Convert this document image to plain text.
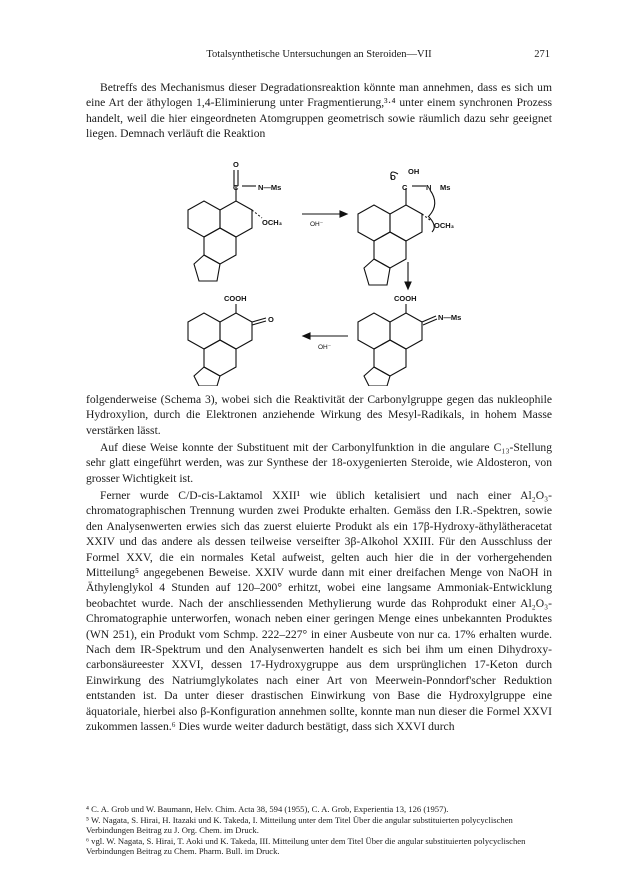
Totalsynthetische Untersuchungen an Steroiden—VII	271

Betreffs des Mechanismus dieser Degradationsreaktion könnte man annehmen, dass es sich um eine Art der äthylogen 1,4-Eliminierung unter Fragmentierung,³·⁴ unter einem synchronen Prozess handelt, weil die hier eingeordneten Atomgruppen geometrisch sowie räumlich dazu sehr geeignet liegen. Demnach verläuft die Reaktion

O
C	N—Ms
OCH₃	OH⁻
O
OH
C N Ms
OCH₃
COOH
O
OH⁻
COOH
N—Ms

folgenderweise (Schema 3), wobei sich die Reaktivität der Carbonylgruppe gegen das nukleophile Hydroxylion, durch die Elektronen anziehende Wirkung des Mesyl-Radikals, in hohem Masse verstärken lässt.

Auf diese Weise konnte der Substituent mit der Carbonylfunktion in die angulare C₁₃-Stellung sehr glatt eingeführt werden, was zur Synthese der 18-oxygenierten Steroide, wie Aldosteron, von grosser Wichtigkeit ist.

Ferner wurde C/D-cis-Laktamol XXII¹ wie üblich ketalisiert und nach einer Al₂O₃-chromatographischen Trennung wurden zwei Produkte erhalten. Gemäss den I.R.-Spektren, sowie den Analysenwerten erwies sich das zuerst eluierte Produkt als ein 17β-Hydroxy-äthylätheracetat XXIV und das andere als dessen teilweise verseifter 3β-Alkohol XXIII. Für den Ausschluss der Formel XXV, die ein normales Ketal aufweist, gelten auch hier die in der vorhergehenden Mitteilung⁵ angegebenen Beweise. XXIV wurde dann mit einer dreifachen Menge von NaOH in Äthylenglykol 4 Stunden auf 120–200° erhitzt, wobei eine langsame Ammoniak-Entwicklung beobachtet wurde. Nach der anschliessenden Methylierung wurde das Rohprodukt einer Al₂O₃-Chromatographie unterworfen, wonach neben einer geringen Menge eines unbekannten Produktes (WN 251), ein Produkt vom Schmp. 222–227° in einer Ausbeute von nur ca. 17% erhalten wurde. Nach dem IR-Spektrum und den Analysenwerten handelt es sich bei ihm um einen Dihydroxy-carbonsäureester XXVI, dessen 17-Hydroxygruppe aus dem ursprünglichen 17-Keton durch Einwirkung des Natriumglykolates nach einer Art von Meerwein-Ponndorf'scher Reduktion entstanden ist. Da unter dieser drastischen Einwirkung von Base die Hydroxylgruppe eine äquatoriale, hierbei also β-Konfiguration annehmen sollte, konnte man nun dieser die Formel XXVI zukommen lassen.⁶ Dies wurde weiter dadurch bestätigt, dass sich XXVI durch

⁴ C. A. Grob und W. Baumann, Helv. Chim. Acta 38, 594 (1955), C. A. Grob, Experientia 13, 126 (1957).

⁵ W. Nagata, S. Hirai, H. Itazaki und K. Takeda, I. Mitteilung unter dem Titel Über die angular substituierten polycyclischen Verbindungen Beitrag zu J. Org. Chem. im Druck.

⁶ vgl. W. Nagata, S. Hirai, T. Aoki und K. Takeda, III. Mitteilung unter dem Titel Über die angular substituierten polycyclischen Verbindungen Beitrag zu Chem. Pharm. Bull. im Druck.
